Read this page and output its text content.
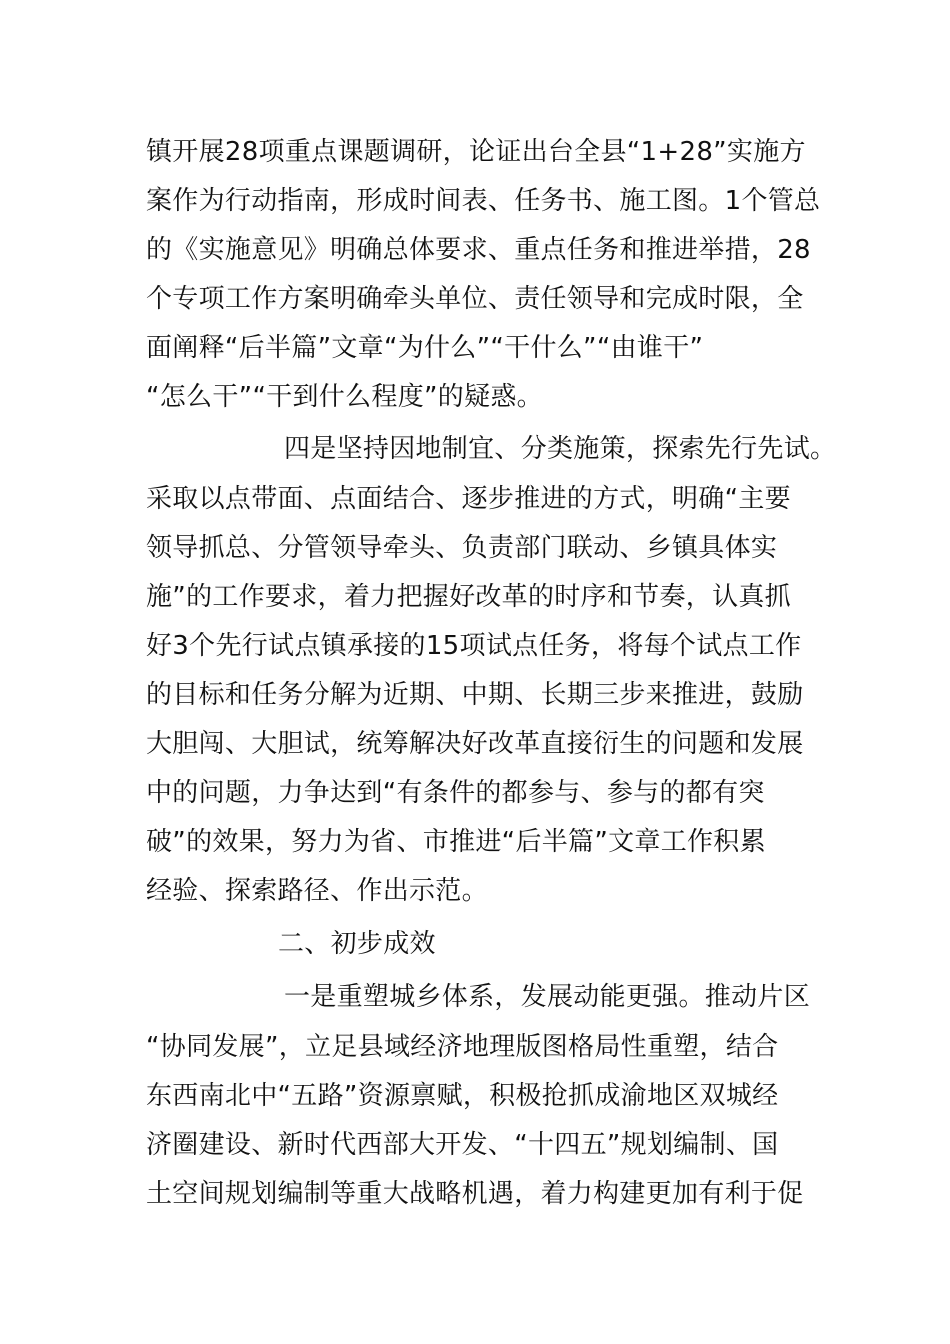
镇开展28项重点课题调研，论证出台全县“1+28”实施方
案作为行动指南，形成时间表、任务书、施工图。1个管总
的《实施意见》明确总体要求、重点任务和推进举措，28
个专项工作方案明确牵头单位、责任领导和完成时限，全
面阐释“后半篇”文章“为什么”“干什么”“由谁干”
“怎么干”“干到什么程度”的疑惑。
四是坚持因地制宜、分类施策，探索先行先试。
采取以点带面、点面结合、逐步推进的方式，明确“主要
领导抓总、分管领导牵头、负责部门联动、乡镇具体实
施”的工作要求，着力把握好改革的时序和节奏，认真抓
好3个先行试点镇承接的15项试点任务，将每个试点工作
的目标和任务分解为近期、中期、长期三步来推进，鼓励
大胆闯、大胆试，统筹解决好改革直接衍生的问题和发展
中的问题，力争达到“有条件的都参与、参与的都有突
破”的效果，努力为省、市推进“后半篇”文章工作积累
经验、探索路径、作出示范。
二、初步成效
一是重塑城乡体系，发展动能更强。推动片区
“协同发展”，立足县域经济地理版图格局性重塑，结合
东西南北中“五路”资源禀赋，积极抢抓成渝地区双城经
济圈建设、新时代西部大开发、“十四五”规划编制、国
土空间规划编制等重大战略机遇，着力构建更加有利于促
